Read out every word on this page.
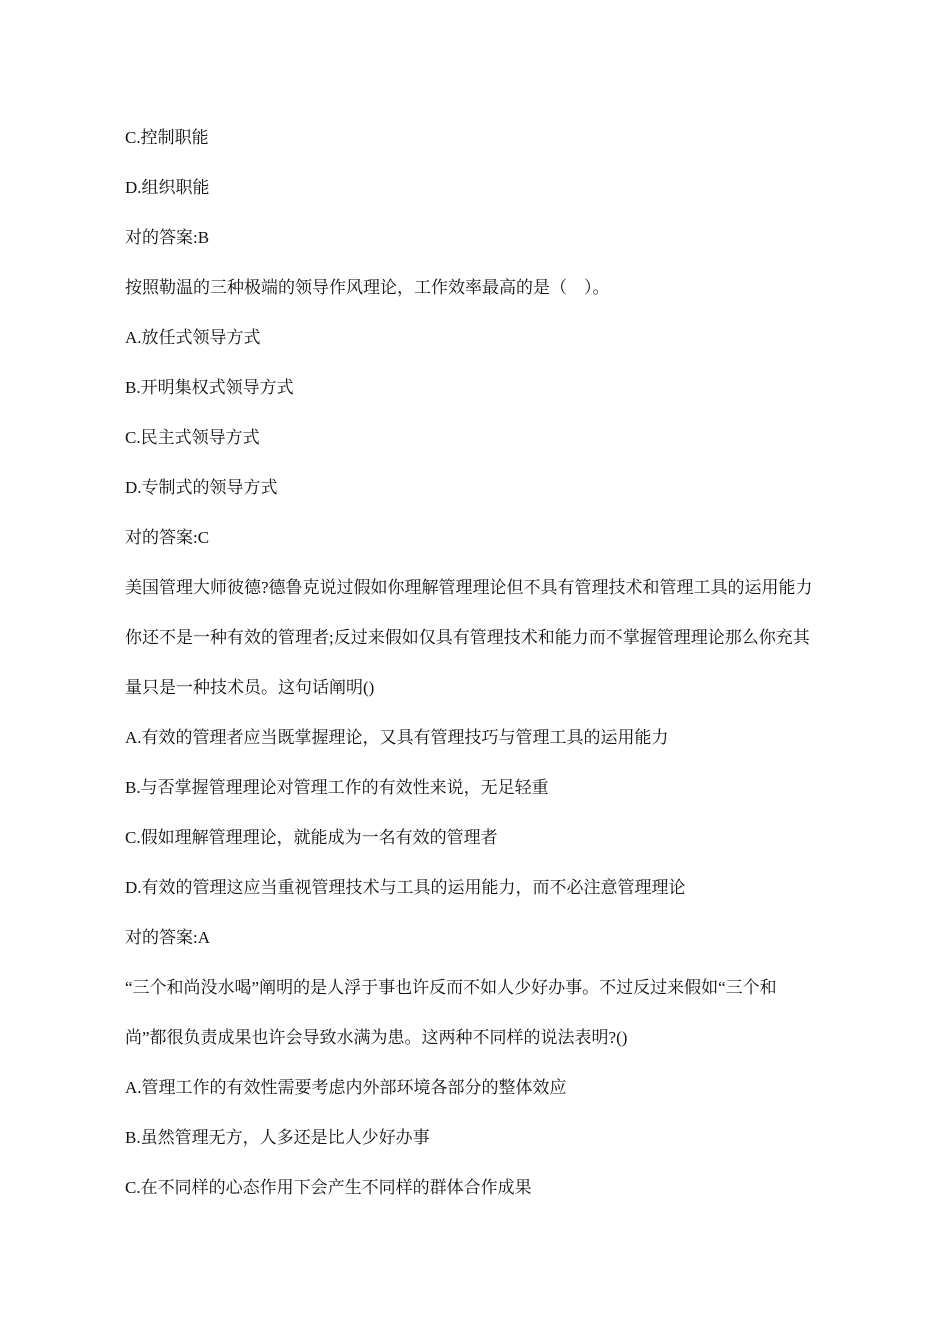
C.控制职能
D.组织职能
对的答案:B
按照勒温的三种极端的领导作风理论，工作效率最高的是（　）。
A.放任式领导方式
B.开明集权式领导方式
C.民主式领导方式
D.专制式的领导方式
对的答案:C
美国管理大师彼德?德鲁克说过假如你理解管理理论但不具有管理技术和管理工具的运用能力
你还不是一种有效的管理者;反过来假如仅具有管理技术和能力而不掌握管理理论那么你充其
量只是一种技术员。这句话阐明()
A.有效的管理者应当既掌握理论，又具有管理技巧与管理工具的运用能力
B.与否掌握管理理论对管理工作的有效性来说，无足轻重
C.假如理解管理理论，就能成为一名有效的管理者
D.有效的管理这应当重视管理技术与工具的运用能力，而不必注意管理理论
对的答案:A
“三个和尚没水喝”阐明的是人浮于事也许反而不如人少好办事。不过反过来假如“三个和
尚”都很负责成果也许会导致水满为患。这两种不同样的说法表明?()
A.管理工作的有效性需要考虑内外部环境各部分的整体效应
B.虽然管理无方，人多还是比人少好办事
C.在不同样的心态作用下会产生不同样的群体合作成果
